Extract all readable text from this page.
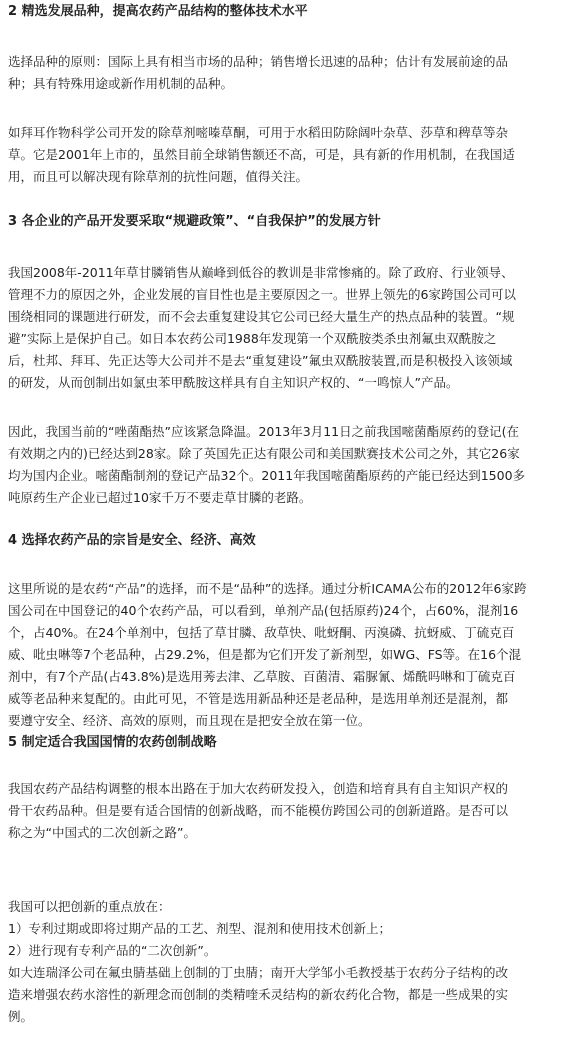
2 精选发展品种，提高农药产品结构的整体技术水平
选择品种的原则：国际上具有相当市场的品种；销售增长迅速的品种；估计有发展前途的品
种；具有特殊用途或新作用机制的品种。
如拜耳作物科学公司开发的除草剂嘧嗪草酮，可用于水稻田防除阔叶杂草、莎草和稗草等杂
草。它是2001年上市的，虽然目前全球销售额还不高，可是，具有新的作用机制，在我国适
用，而且可以解决现有除草剂的抗性问题，值得关注。
3 各企业的产品开发要采取“规避政策”、“自我保护”的发展方针
我国2008年-2011年草甘膦销售从巅峰到低谷的教训是非常惨痛的。除了政府、行业领导、
管理不力的原因之外，企业发展的盲目性也是主要原因之一。世界上领先的6家跨国公司可以
围绕相同的课题进行研发，而不会去重复建设其它公司已经大量生产的热点品种的装置。“规
避”实际上是保护自己。如日本农药公司1988年发现第一个双酰胺类杀虫剂氟虫双酰胺之
后，杜邦、拜耳、先正达等大公司并不是去“重复建设”氟虫双酰胺装置,而是积极投入该领域
的研发，从而创制出如氯虫苯甲酰胺这样具有自主知识产权的、“一鸣惊人”产品。
因此，我国当前的“唑菌酯热”应该紧急降温。2013年3月11日之前我国嘧菌酯原药的登记(在
有效期之内的)已经达到28家。除了英国先正达有限公司和美国默赛技术公司之外，其它26家
均为国内企业。嘧菌酯制剂的登记产品32个。2011年我国嘧菌酯原药的产能已经达到1500多
吨原药生产企业已超过10家千万不要走草甘膦的老路。
4 选择农药产品的宗旨是安全、经济、高效
这里所说的是农药“产品”的选择，而不是“品种”的选择。通过分析ICAMA公布的2012年6家跨
国公司在中国登记的40个农药产品，可以看到，单剂产品(包括原药)24个，占60%，混剂16
个，占40%。在24个单剂中，包括了草甘膦、敌草快、吡蚜酮、丙溴磷、抗蚜威、丁硫克百
威、吡虫啉等7个老品种，占29.2%，但是都为它们开发了新剂型，如WG、FS等。在16个混
剂中，有7个产品(占43.8%)是选用莠去津、乙草胺、百菌清、霜脲氰、烯酰吗啉和丁硫克百
威等老品种来复配的。由此可见，不管是选用新品种还是老品种，是选用单剂还是混剂，都
要遵守安全、经济、高效的原则，而且现在是把安全放在第一位。
5 制定适合我国国情的农药创制战略
我国农药产品结构调整的根本出路在于加大农药研发投入，创造和培育具有自主知识产权的
骨干农药品种。但是要有适合国情的创新战略，而不能模仿跨国公司的创新道路。是否可以
称之为“中国式的二次创新之路”。
我国可以把创新的重点放在：
1）专利过期或即将过期产品的工艺、剂型、混剂和使用技术创新上；
2）进行现有专利产品的“二次创新”。
如大连瑞泽公司在氟虫腈基础上创制的丁虫腈；南开大学邹小毛教授基于农药分子结构的改
造来增强农药水溶性的新理念而创制的类精喹禾灵结构的新农药化合物，都是一些成果的实
例。
